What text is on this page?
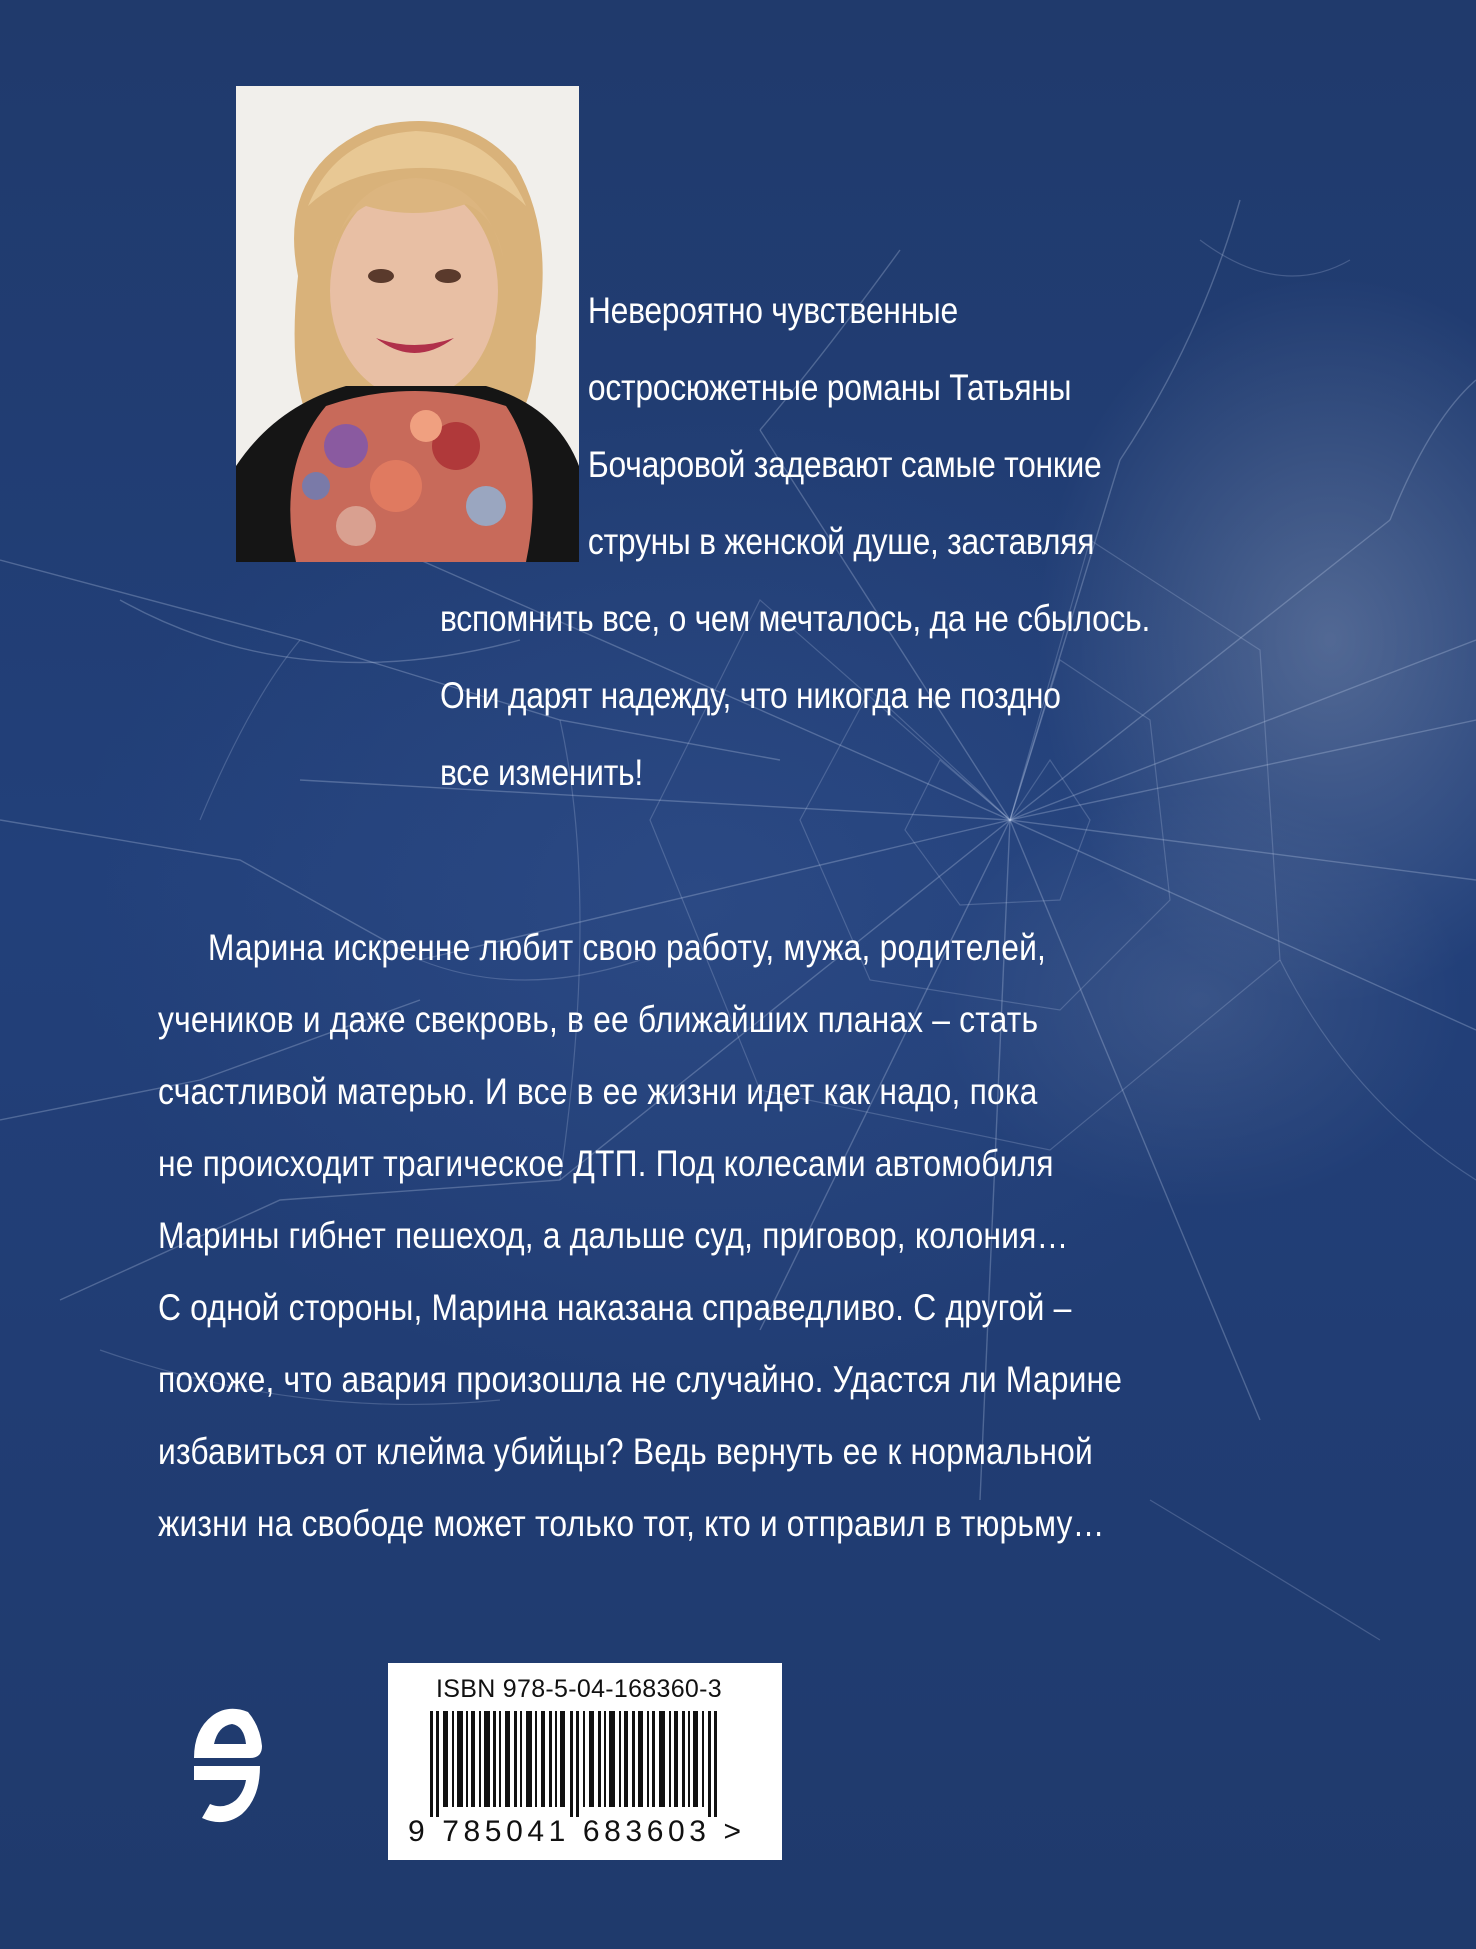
Невероятно чувственные
остросюжетные романы Татьяны
Бочаровой задевают самые тонкие
струны в женской душе, заставляя
вспомнить все, о чем мечталось, да не сбылось.
Они дарят надежду, что никогда не поздно
все изменить!
Марина искренне любит свою работу, мужа, родителей,
учеников и даже свекровь, в ее ближайших планах – стать
счастливой матерью. И все в ее жизни идет как надо, пока
не происходит трагическое ДТП. Под колесами автомобиля
Марины гибнет пешеход, а дальше суд, приговор, колония…
С одной стороны, Марина наказана справедливо. С другой –
похоже, что авария произошла не случайно. Удастся ли Марине
избавиться от клейма убийцы? Ведь вернуть ее к нормальной
жизни на свободе может только тот, кто и отправил в тюрьму…
ISBN 978-5-04-168360-3
9 785041 683603 >
